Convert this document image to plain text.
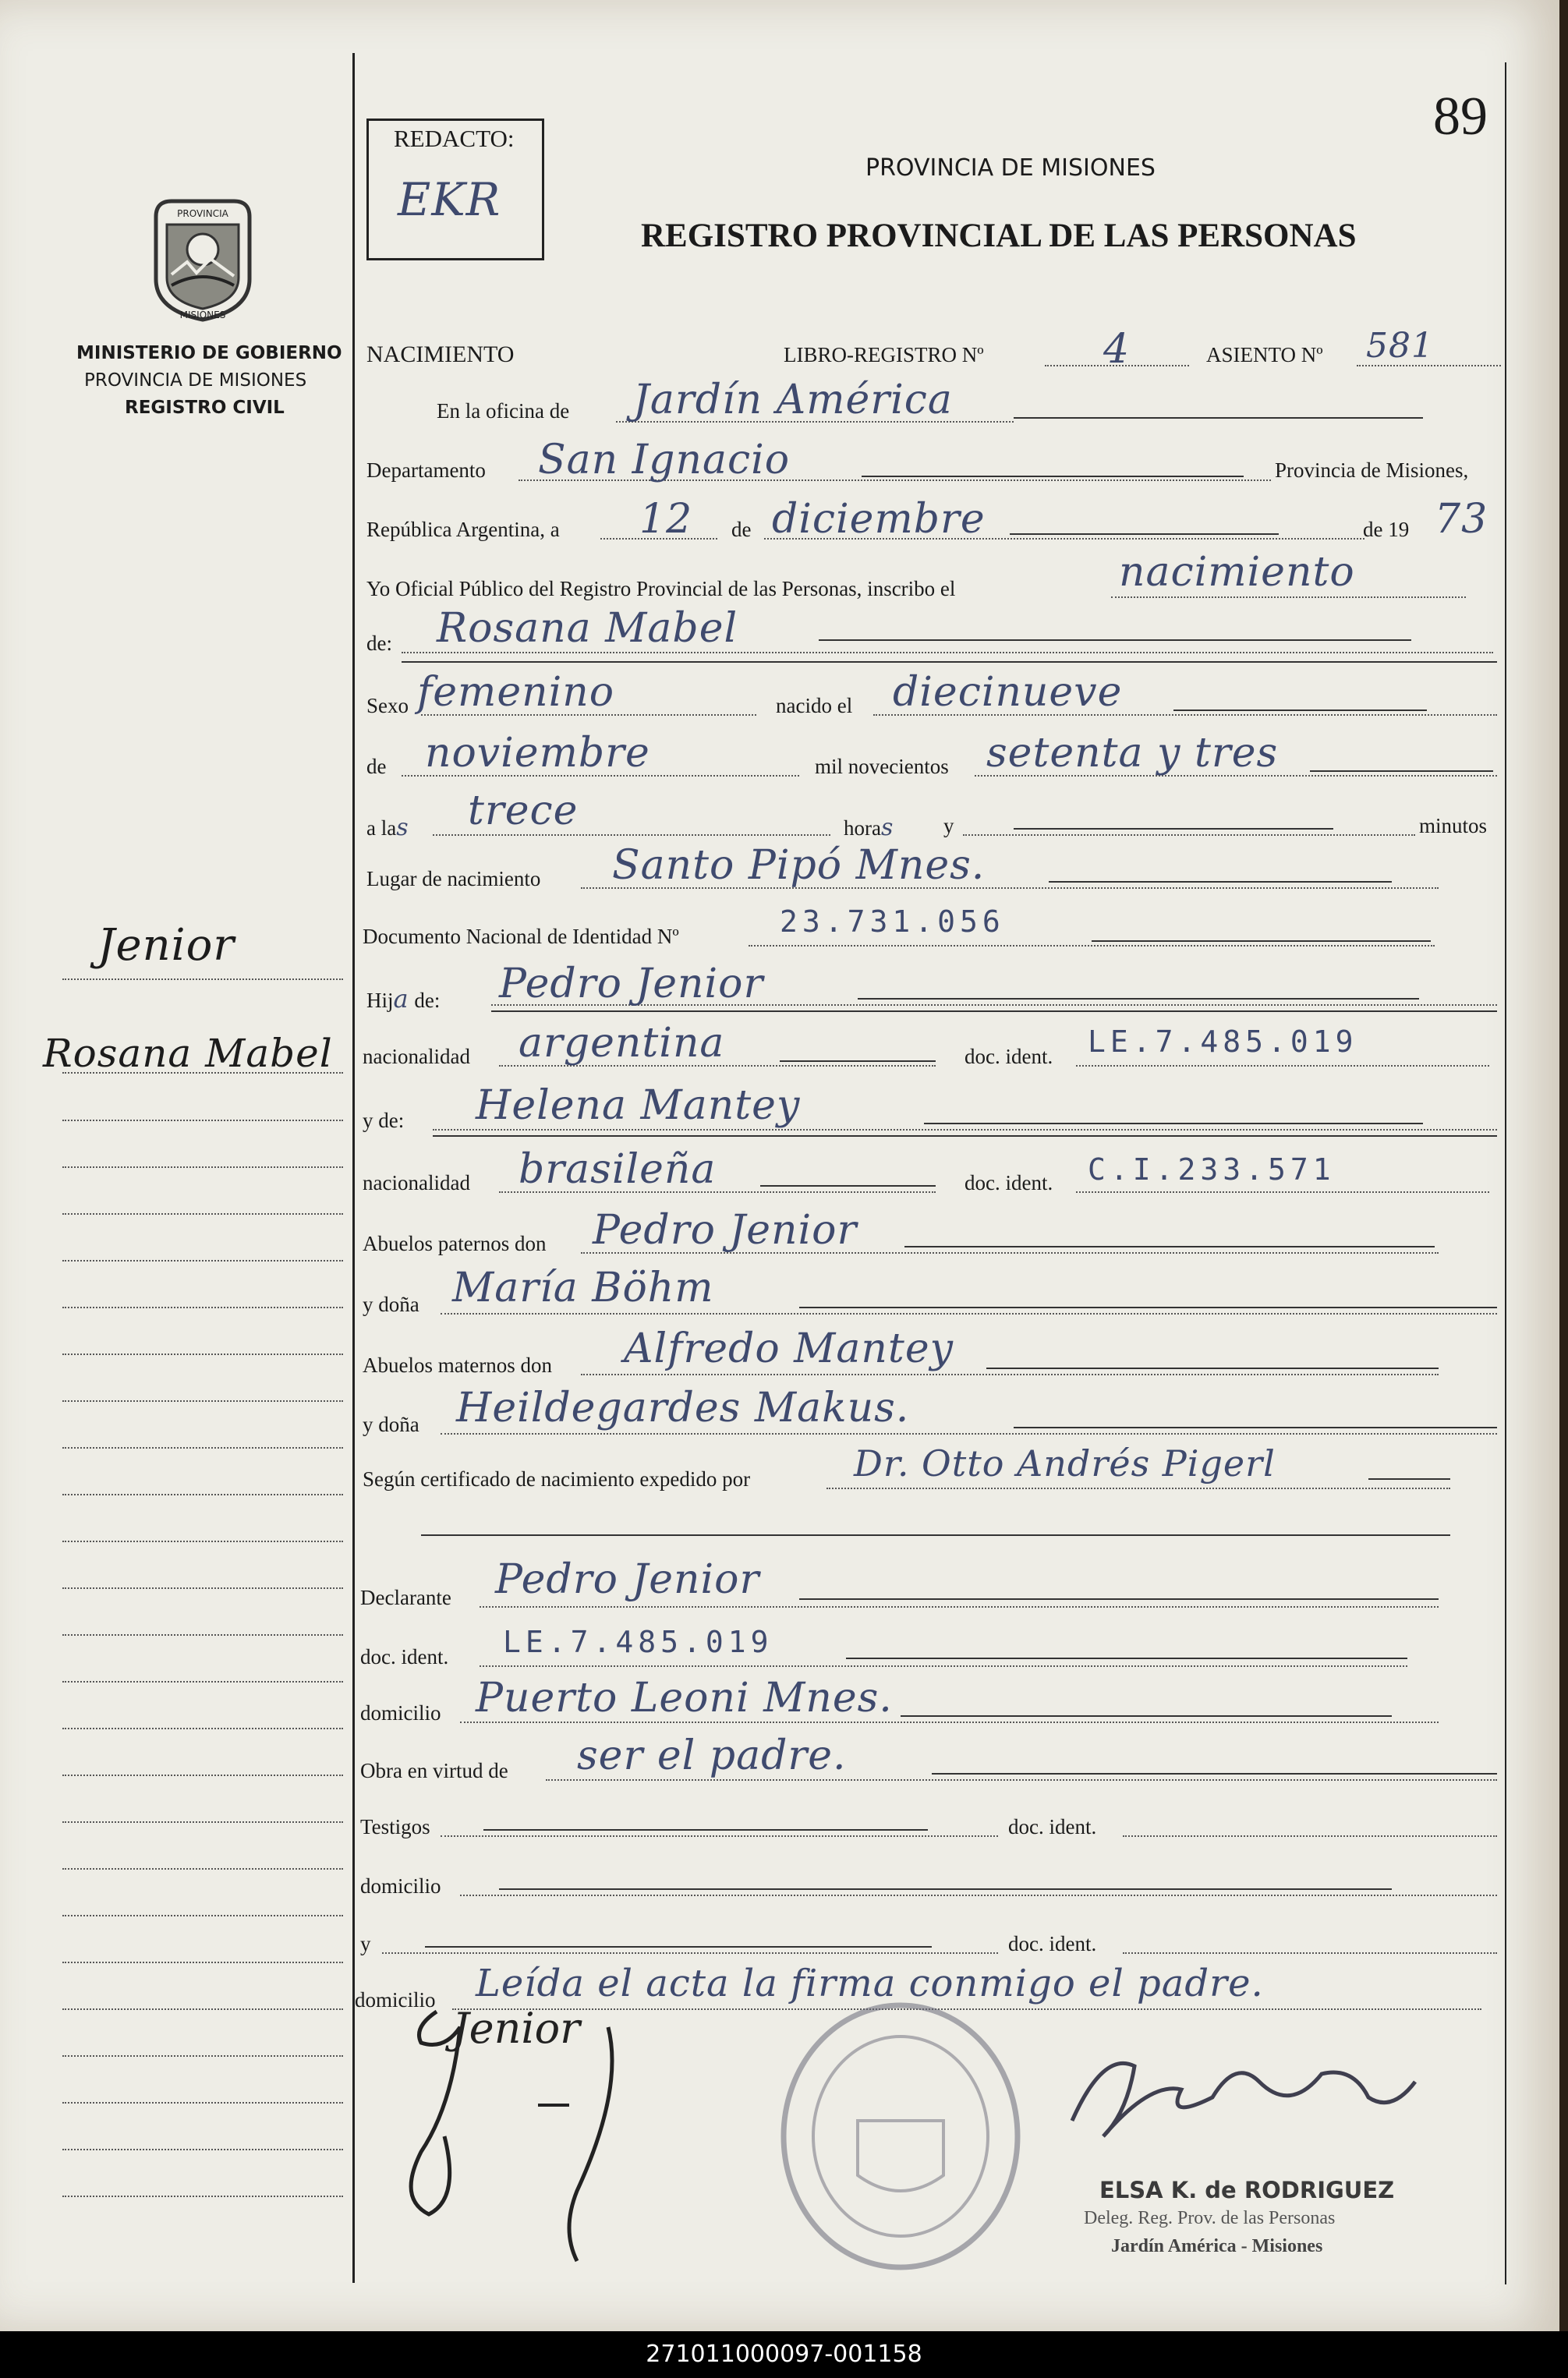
89
REDACTO:
EKR
PROVINCIA DE MISIONES
REGISTRO PROVINCIAL DE LAS PERSONAS
PROVINCIA
MISIONES
MINISTERIO DE GOBIERNO
PROVINCIA DE MISIONES
REGISTRO CIVIL
Jenior
Rosana Mabel
NACIMIENTO	LIBRO-REGISTRO Nº	4	ASIENTO Nº 581
En la oficina de Jardín América
Departamento San Ignacio	Provincia de Misiones,
República Argentina, a 12 de diciembre	de 19 73
Yo Oficial Público del Registro Provincial de las Personas, inscribo el	nacimiento
de: Rosana Mabel
Sexo femenino	nacido el diecinueve
de noviembre	mil novecientos setenta y tres
a las trece	horas y	minutos
Lugar de nacimiento Santo Pipó Mnes.
Documento Nacional de Identidad Nº	23.731.056
Hija de: Pedro Jenior
nacionalidad argentina	doc. ident. LE.7.485.019
y de: Helena Mantey
nacionalidad brasileña	doc. ident. C.I.233.571
Abuelos paternos don Pedro Jenior
y doña María Böhm
Abuelos maternos don Alfredo Mantey
y doña Heildegardes Makus.
Según certificado de nacimiento expedido por	Dr. Otto Andrés Pigerl
Declarante Pedro Jenior
doc. ident. LE.7.485.019
domicilio Puerto Leoni Mnes.
Obra en virtud de ser el padre.
Testigos	doc. ident.
domicilio
y	doc. ident.
domicilio Leída el acta la firma conmigo el padre.
Jenior
ELSA K. de RODRIGUEZ
Deleg. Reg. Prov. de las Personas
Jardín América - Misiones
271011000097-001158
